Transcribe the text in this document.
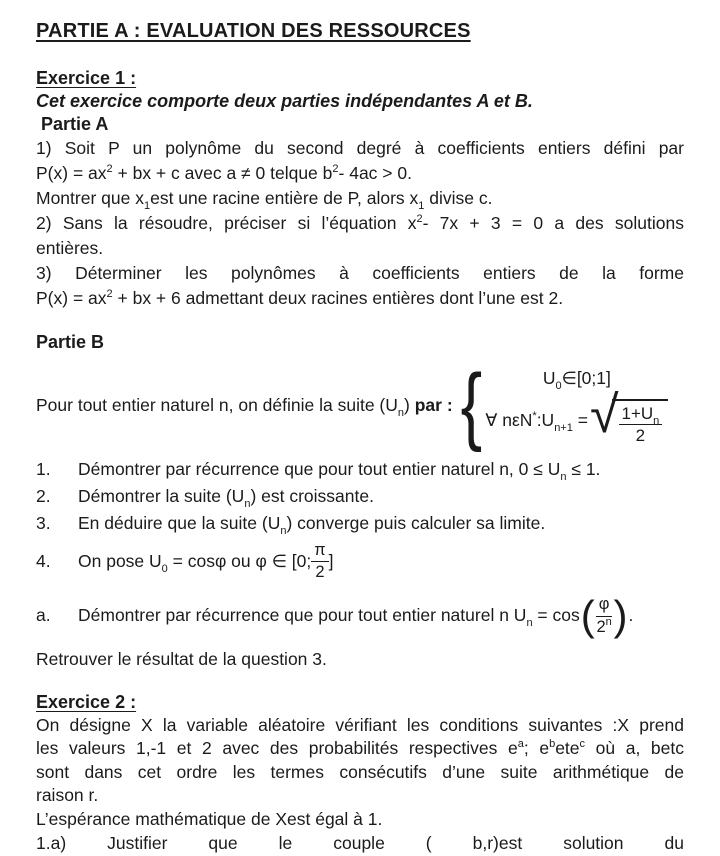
PARTIE A : EVALUATION DES RESSOURCES
Exercice 1 :
Cet exercice comporte deux parties indépendantes A et B.
Partie A
1) Soit P un polynôme du second degré à coefficients entiers défini par
$P(x) = ax^2$ + bx + c avec a ≠ 0 telque $b^2-$ 4ac > 0.
Montrer que $x_1est$ une racine entière de P, alors $x_1$ divise c.
2) Sans la résoudre, préciser si l’équation $x^2-$ 7x + 3 = 0 a des solutions
entières.
3) Déterminer les polynômes à coefficients entiers de la forme
$P(x) = ax^2$ + bx + 6 admettant deux racines entières dont l’une est 2.
Partie B
Pour tout entier naturel n, on définie la suite $(U_n)$ par : {	$U_0\in[0;1]$
∀ $n\varepsilon N^*:U_{n+1}$ = √ $\frac{1+U_n}{2}$
1.	Démontrer par récurrence que pour tout entier naturel n, $0 \le U_n \le 1$.
2.	Démontrer la suite $(U_n)$ est croissante.
3.	En déduire que la suite $(U_n)$ converge puis calculer sa limite.
4.	On pose $U_0 = \cos\varphi$ ou φ ∈ [0; $\frac{\pi}{2}$ ]
a.	Démontrer par récurrence que pour tout entier naturel n $U_n = \cos$ ( $\frac{\varphi}{2^n}$ ) .
Retrouver le résultat de la question 3.
Exercice 2 :
On désigne X la variable aléatoire vérifiant les conditions suivantes :X prend
les valeurs 1,-1 et 2 avec des probabilités respectives $e^a$; $e^bete^c$ où a, betc
sont dans cet ordre les termes consécutifs d’une suite arithmétique de
raison r.
L’espérance mathématique de Xest égal à 1.
1.a) Justifier que le couple ( b,r)est solution du
